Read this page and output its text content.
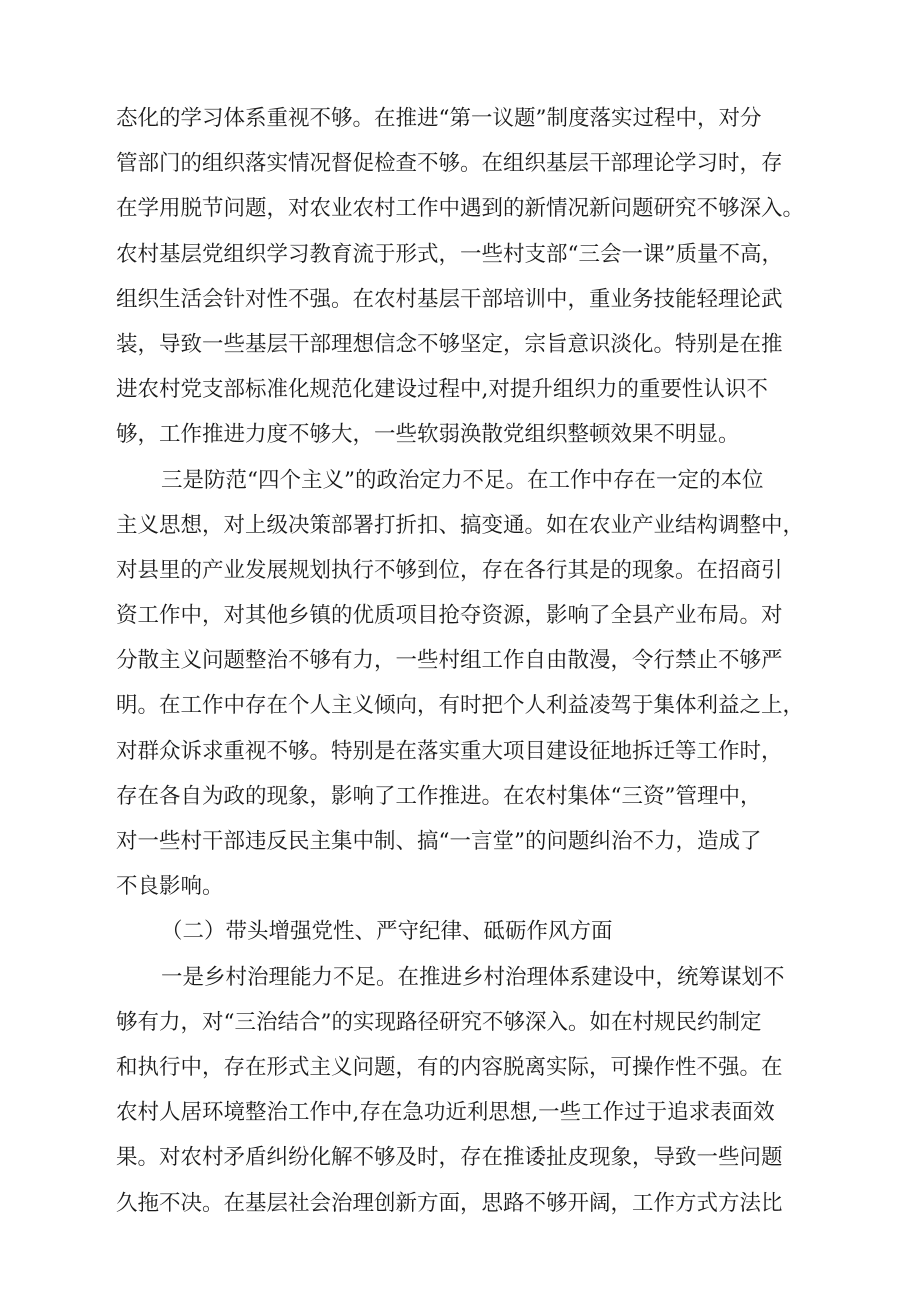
态化的学习体系重视不够。在推进“第一议题”制度落实过程中，对分
管部门的组织落实情况督促检查不够。在组织基层干部理论学习时，存
在学用脱节问题，对农业农村工作中遇到的新情况新问题研究不够深入。
农村基层党组织学习教育流于形式，一些村支部“三会一课”质量不高，
组织生活会针对性不强。在农村基层干部培训中，重业务技能轻理论武
装，导致一些基层干部理想信念不够坚定，宗旨意识淡化。特别是在推
进农村党支部标准化规范化建设过程中,对提升组织力的重要性认识不
够，工作推进力度不够大，一些软弱涣散党组织整顿效果不明显。
三是防范“四个主义”的政治定力不足。在工作中存在一定的本位
主义思想，对上级决策部署打折扣、搞变通。如在农业产业结构调整中，
对县里的产业发展规划执行不够到位，存在各行其是的现象。在招商引
资工作中，对其他乡镇的优质项目抢夺资源，影响了全县产业布局。对
分散主义问题整治不够有力，一些村组工作自由散漫，令行禁止不够严
明。在工作中存在个人主义倾向，有时把个人利益凌驾于集体利益之上，
对群众诉求重视不够。特别是在落实重大项目建设征地拆迁等工作时，
存在各自为政的现象，影响了工作推进。在农村集体“三资”管理中，
对一些村干部违反民主集中制、搞“一言堂”的问题纠治不力，造成了
不良影响。
（二）带头增强党性、严守纪律、砥砺作风方面
一是乡村治理能力不足。在推进乡村治理体系建设中，统筹谋划不
够有力，对“三治结合”的实现路径研究不够深入。如在村规民约制定
和执行中，存在形式主义问题，有的内容脱离实际，可操作性不强。在
农村人居环境整治工作中,存在急功近利思想,一些工作过于追求表面效
果。对农村矛盾纠纷化解不够及时，存在推诿扯皮现象，导致一些问题
久拖不决。在基层社会治理创新方面，思路不够开阔，工作方式方法比
